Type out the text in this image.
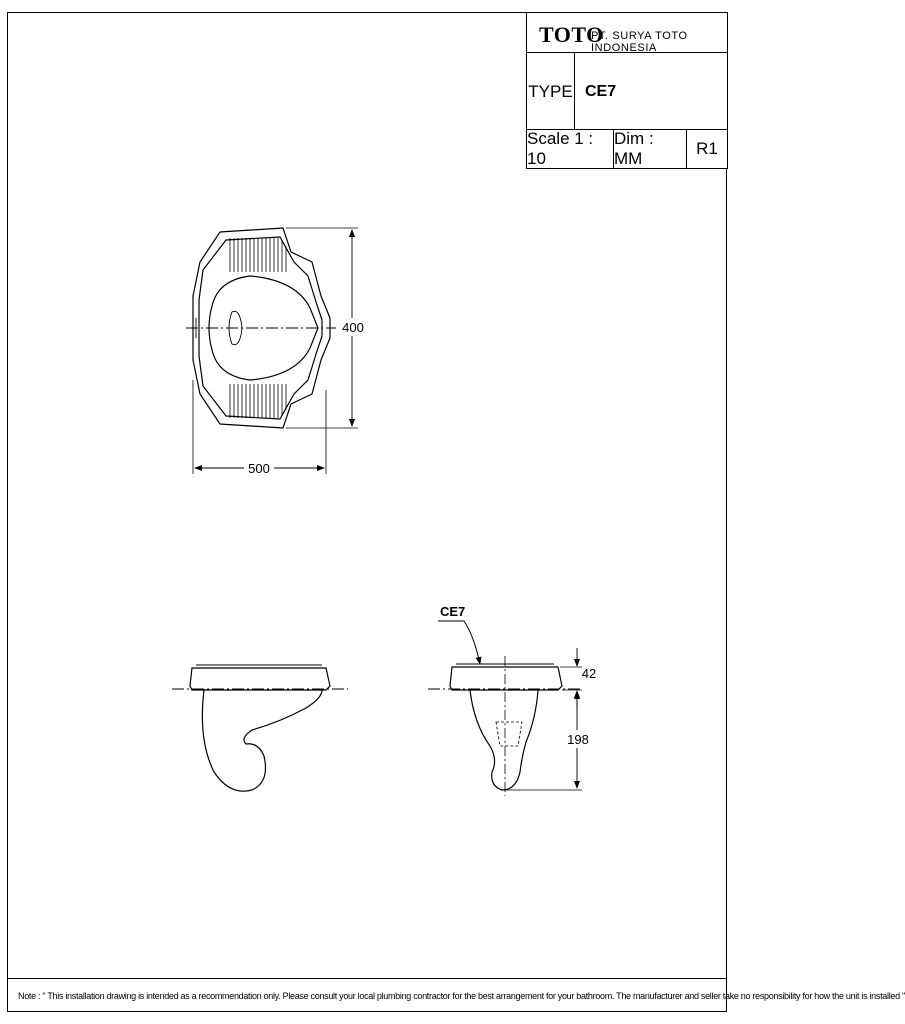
TOTO
PT. SURYA TOTO INDONESIA
TYPE CE7
Scale 1 : 10
Dim : MM
R1
500
400
42
198
CE7
Note : " This installation drawing is intended as a recommendation only. Please consult your local plumbing contractor for the best arrangement for your bathroom. The manufacturer and seller take no responsibility for how the unit is installed "
